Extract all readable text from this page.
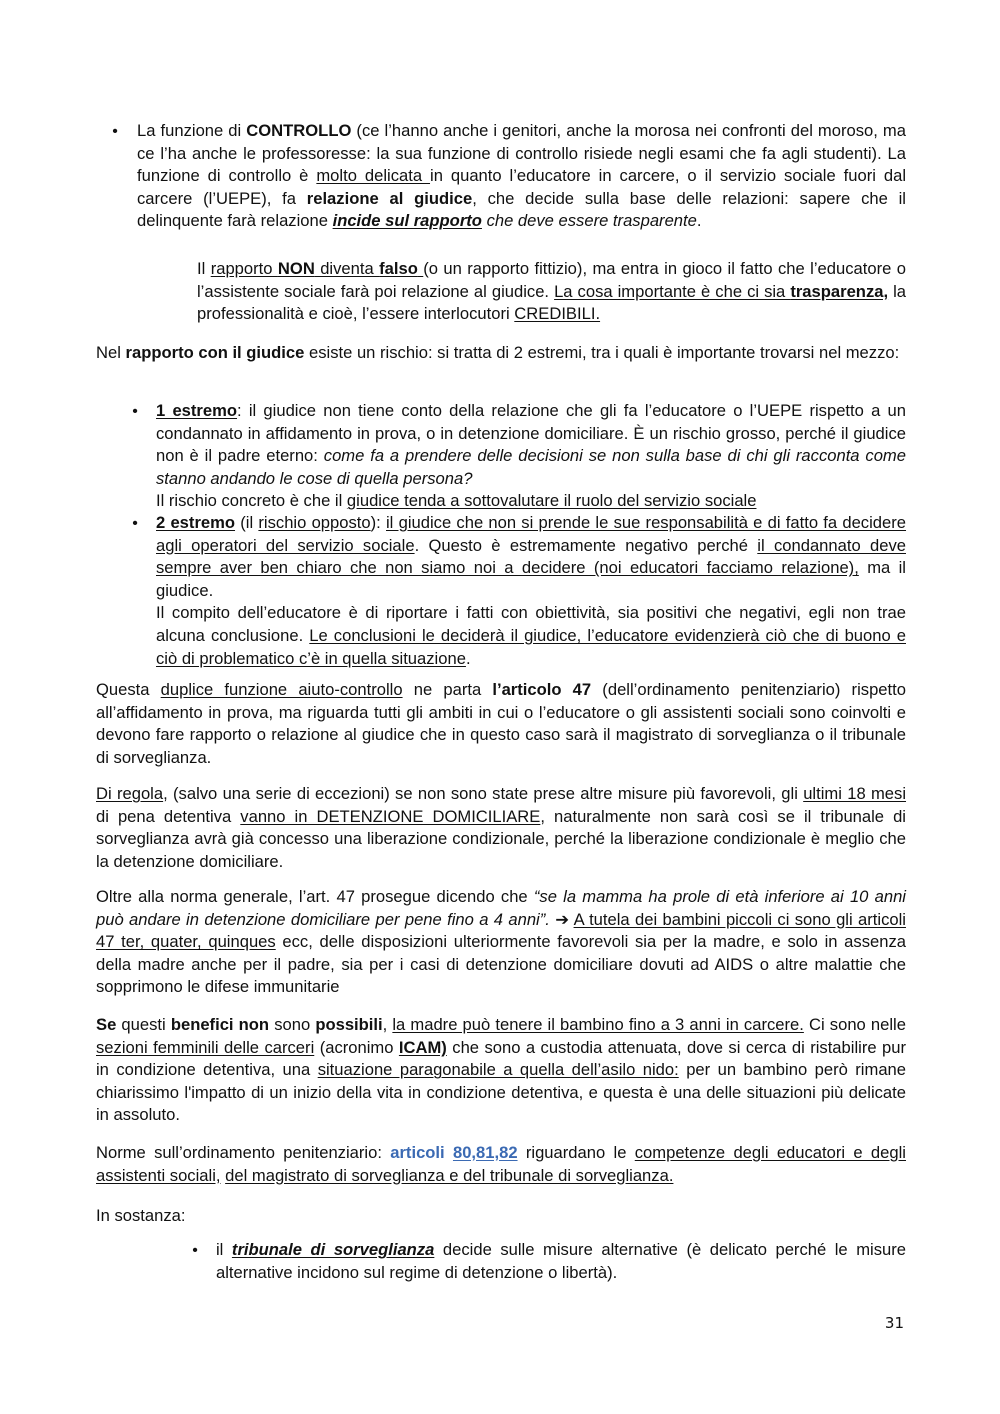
• La funzione di CONTROLLO (ce l’hanno anche i genitori, anche la morosa nei confronti del moroso, ma ce l’ha anche le professoresse: la sua funzione di controllo risiede negli esami che fa agli studenti). La funzione di controllo è molto delicata in quanto l’educatore in carcere, o il servizio sociale fuori dal carcere (l’UEPE), fa relazione al giudice, che decide sulla base delle relazioni: sapere che il delinquente farà relazione incide sul rapporto che deve essere trasparente.

Il rapporto NON diventa falso (o un rapporto fittizio), ma entra in gioco il fatto che l’educatore o l’assistente sociale farà poi relazione al giudice. La cosa importante è che ci sia trasparenza, la professionalità e cioè, l’essere interlocutori CREDIBILI.

Nel rapporto con il giudice esiste un rischio: si tratta di 2 estremi, tra i quali è importante trovarsi nel mezzo:

• 1 estremo: il giudice non tiene conto della relazione che gli fa l’educatore o l’UEPE rispetto a un condannato in affidamento in prova, o in detenzione domiciliare. È un rischio grosso, perché il giudice non è il padre eterno: come fa a prendere delle decisioni se non sulla base di chi gli racconta come stanno andando le cose di quella persona?
Il rischio concreto è che il giudice tenda a sottovalutare il ruolo del servizio sociale
• 2 estremo (il rischio opposto): il giudice che non si prende le sue responsabilità e di fatto fa decidere agli operatori del servizio sociale. Questo è estremamente negativo perché il condannato deve sempre aver ben chiaro che non siamo noi a decidere (noi educatori facciamo relazione), ma il giudice.
Il compito dell’educatore è di riportare i fatti con obiettività, sia positivi che negativi, egli non trae alcuna conclusione. Le conclusioni le deciderà il giudice, l’educatore evidenzierà ciò che di buono e ciò di problematico c’è in quella situazione.

Questa duplice funzione aiuto-controllo ne parta l’articolo 47 (dell’ordinamento penitenziario) rispetto all’affidamento in prova, ma riguarda tutti gli ambiti in cui o l’educatore o gli assistenti sociali sono coinvolti e devono fare rapporto o relazione al giudice che in questo caso sarà il magistrato di sorveglianza o il tribunale di sorveglianza.

Di regola, (salvo una serie di eccezioni) se non sono state prese altre misure più favorevoli, gli ultimi 18 mesi di pena detentiva vanno in DETENZIONE DOMICILIARE, naturalmente non sarà così se il tribunale di sorveglianza avrà già concesso una liberazione condizionale, perché la liberazione condizionale è meglio che la detenzione domiciliare.

Oltre alla norma generale, l’art. 47 prosegue dicendo che “se la mamma ha prole di età inferiore ai 10 anni può andare in detenzione domiciliare per pene fino a 4 anni”. ➔ A tutela dei bambini piccoli ci sono gli articoli 47 ter, quater, quinques ecc, delle disposizioni ulteriormente favorevoli sia per la madre, e solo in assenza della madre anche per il padre, sia per i casi di detenzione domiciliare dovuti ad AIDS o altre malattie che sopprimono le difese immunitarie

Se questi benefici non sono possibili, la madre può tenere il bambino fino a 3 anni in carcere. Ci sono nelle sezioni femminili delle carceri (acronimo ICAM) che sono a custodia attenuata, dove si cerca di ristabilire pur in condizione detentiva, una situazione paragonabile a quella dell’asilo nido: per un bambino però rimane chiarissimo l'impatto di un inizio della vita in condizione detentiva, e questa è una delle situazioni più delicate in assoluto.

Norme sull’ordinamento penitenziario: articoli 80,81,82 riguardano le competenze degli educatori e degli assistenti sociali, del magistrato di sorveglianza e del tribunale di sorveglianza.

In sostanza:

• il tribunale di sorveglianza decide sulle misure alternative (è delicato perché le misure alternative incidono sul regime di detenzione o libertà).

31
